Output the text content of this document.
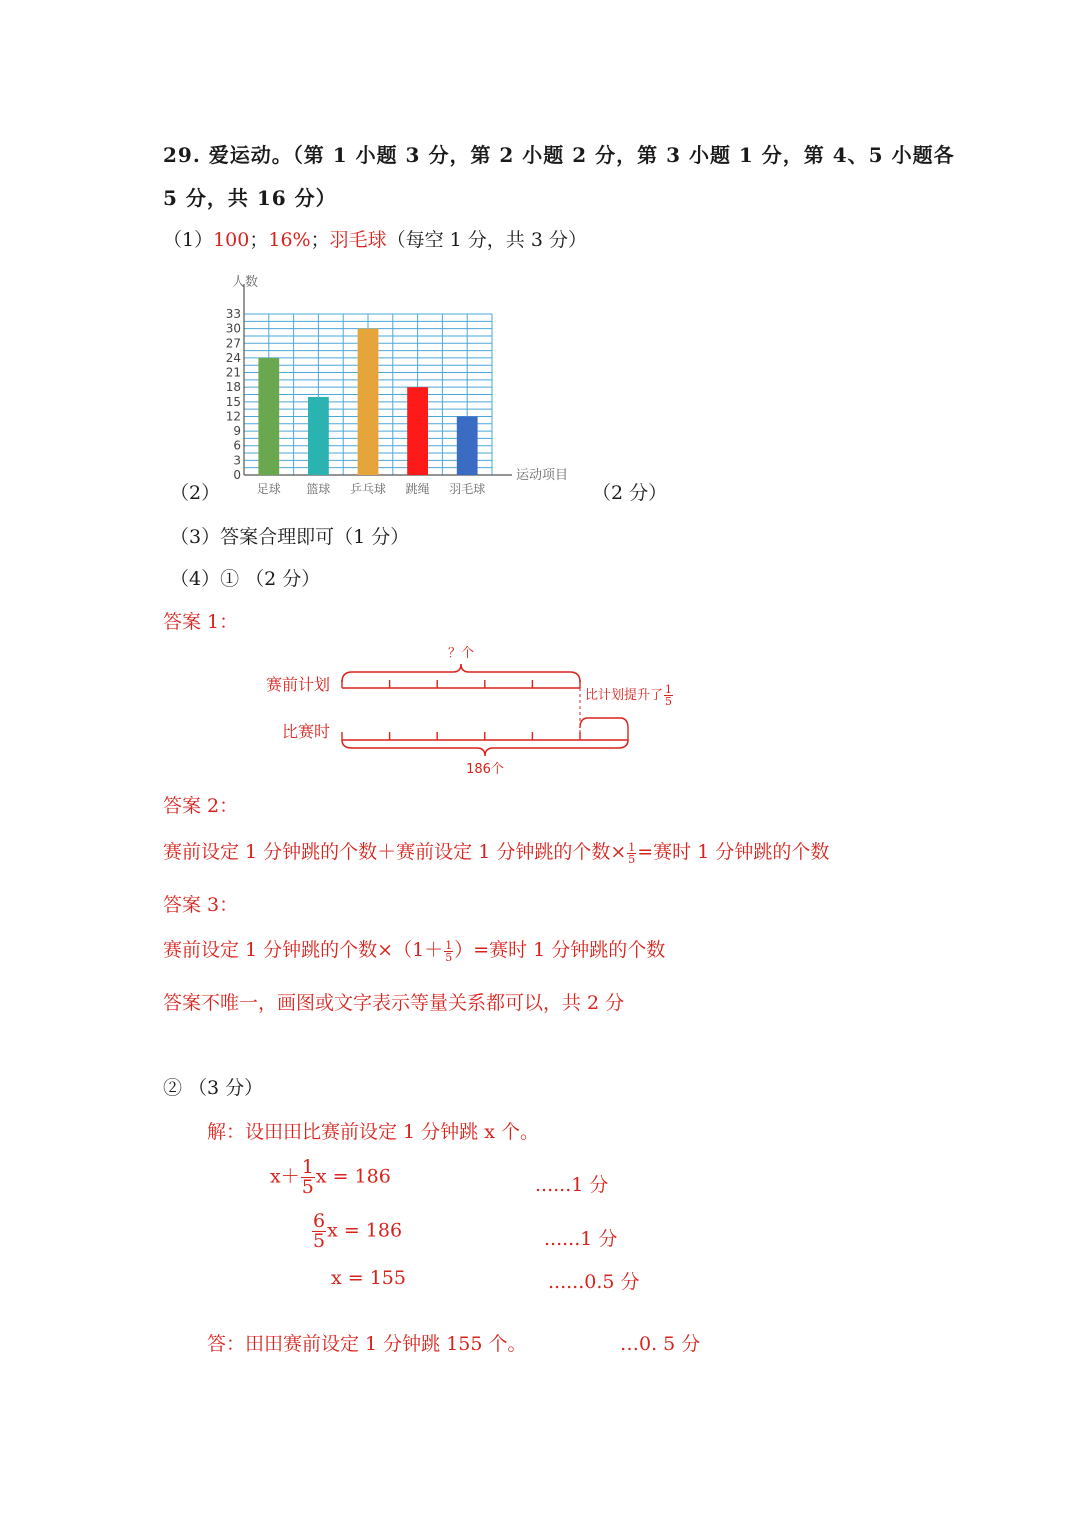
29. 爱运动。（第 1 小题 3 分，第 2 小题 2 分，第 3 小题 1 分，第 4、5 小题各
5 分，共 16 分）
（1）100；16%；羽毛球（每空 1 分，共 3 分）
（2）	（2 分）
0
3
6
9
12
15
18
21
24
27
30
33
人数
运动项目
足球 篮球 乒乓球 跳绳 羽毛球
（3）答案合理即可（1 分）
（4）① （2 分）
答案 1：
赛前计划
比赛时
？个
186个
比计划提升了 $\frac{1}{5}$
答案 2：
赛前设定 1 分钟跳的个数＋赛前设定 1 分钟跳的个数× $\frac{1}{5}$ =赛时 1 分钟跳的个数
答案 3：
赛前设定 1 分钟跳的个数$\times(1+ \frac{1}{5}$ ）=赛时 1 分钟跳的个数
答案不唯一，画图或文字表示等量关系都可以，共 2 分
② （3 分）
解：设田田比赛前设定 1 分钟跳 x 个。
$x+ \frac{1}{5}$ x = 186	......1 分
$\frac{6}{5}$ x = 186	......1 分
x = 155	......0.5 分
答：田田赛前设定 1 分钟跳 155 个。	…0. 5 分
